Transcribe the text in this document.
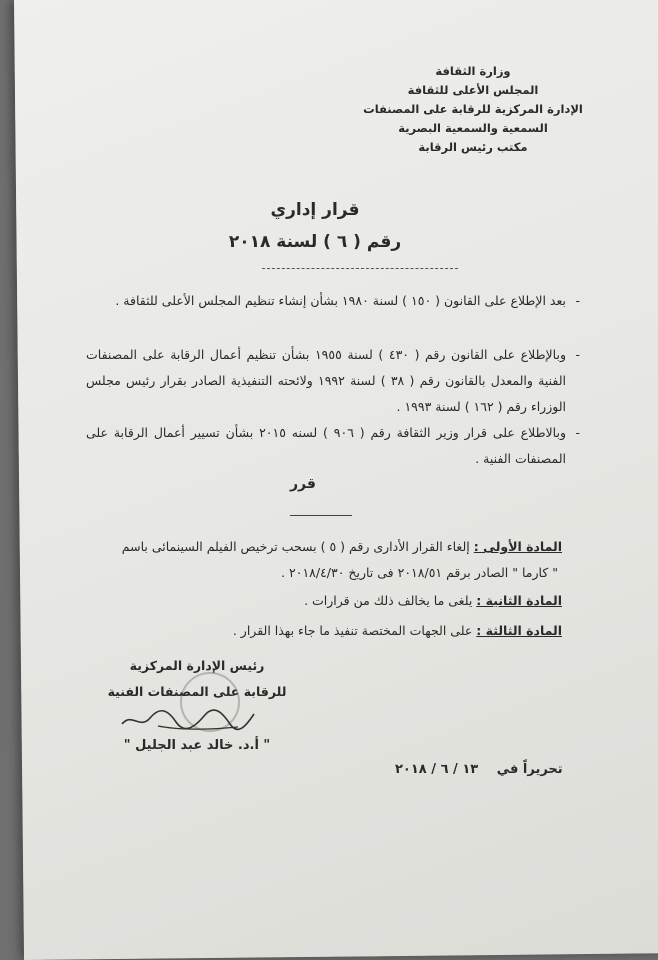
وزارة الثقافة
المجلس الأعلى للثقافة
الإدارة المركزية للرقابة على المصنفات
السمعية والسمعية البصرية
مكتب رئيس الرقابة
قرار إداري
رقم ( ٦ ) لسنة ٢٠١٨
-
بعد الإطلاع على القانون ( ١٥٠ ) لسنة ١٩٨٠ بشأن إنشاء تنظيم المجلس الأعلى للثقافة .
-
وبالإطلاع على القانون رقم ( ٤٣٠ ) لسنة ١٩٥٥ بشأن تنظيم أعمال الرقابة على المصنفات الفنية والمعدل بالقانون رقم ( ٣٨ ) لسنة ١٩٩٢ ولائحته التنفيذية الصادر بقرار رئيس مجلس الوزراء رقم ( ١٦٢ ) لسنة ١٩٩٣ .
-
وبالاطلاع على قرار وزير الثقافة رقم ( ٩٠٦ ) لسنه ٢٠١٥ بشأن تسيير أعمال الرقابة على المصنفات الفنية .
قرر
المادة الأولى : إلغاء القرار الأدارى رقم ( ٥ ) بسحب ترخيص الفيلم السينمائى باسم
" كارما " الصادر برقم ٢٠١٨/٥١ فى تاريخ ٢٠١٨/٤/٣٠ .
المادة الثانية : يلغى ما يخالف ذلك من قرارات .
المادة الثالثة : على الجهات المختصة تنفيذ ما جاء بهذا القرار .
رئيس الإدارة المركزية
للرقابة على المصنفات الفنية
" أ.د. خالد عبد الجليل "
تحريراً في ١٣ / ٦ / ٢٠١٨
